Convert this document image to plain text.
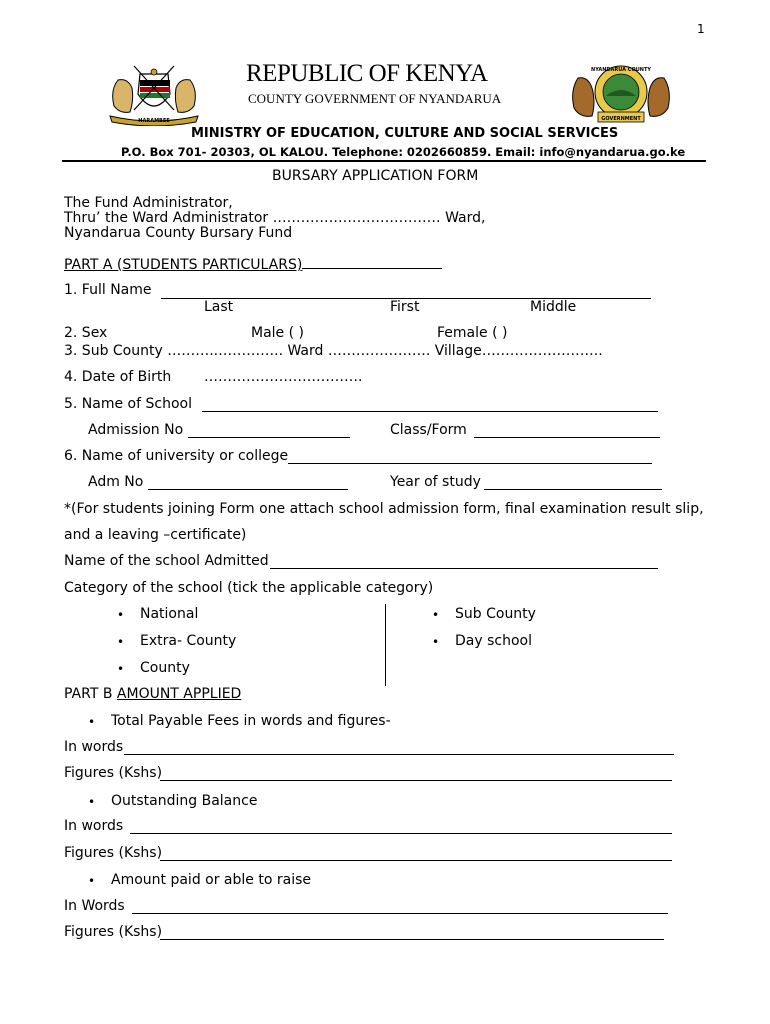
1
HARAMBEE
NYANDARUA COUNTY
GOVERNMENT
REPUBLIC OF KENYA
COUNTY GOVERNMENT OF NYANDARUA
MINISTRY OF EDUCATION, CULTURE AND SOCIAL SERVICES
P.O. Box 701- 20303, OL KALOU. Telephone: 0202660859. Email: info@nyandarua.go.ke
BURSARY APPLICATION FORM
The Fund Administrator,
Thru’ the Ward Administrator ……………………………… Ward,
Nyandarua County Bursary Fund
PART A (STUDENTS PARTICULARS)
1. Full Name
Last	First	Middle
2. Sex	Male ( )	Female ( )
3. Sub County ………..………….. Ward …………………. Village……………………..
4. Date of Birth …………………………….
5. Name of School
Admission No	Class/Form
6. Name of university or college
Adm No	Year of study
*(For students joining Form one attach school admission form, final examination result slip,
and a leaving –certificate)
Name of the school Admitted
Category of the school (tick the applicable category)
• National
• Extra- County
• County
• Sub County
• Day school
PART B AMOUNT APPLIED
• Total Payable Fees in words and figures-
In words
Figures (Kshs)
• Outstanding Balance
In words
Figures (Kshs)
• Amount paid or able to raise
In Words
Figures (Kshs)
